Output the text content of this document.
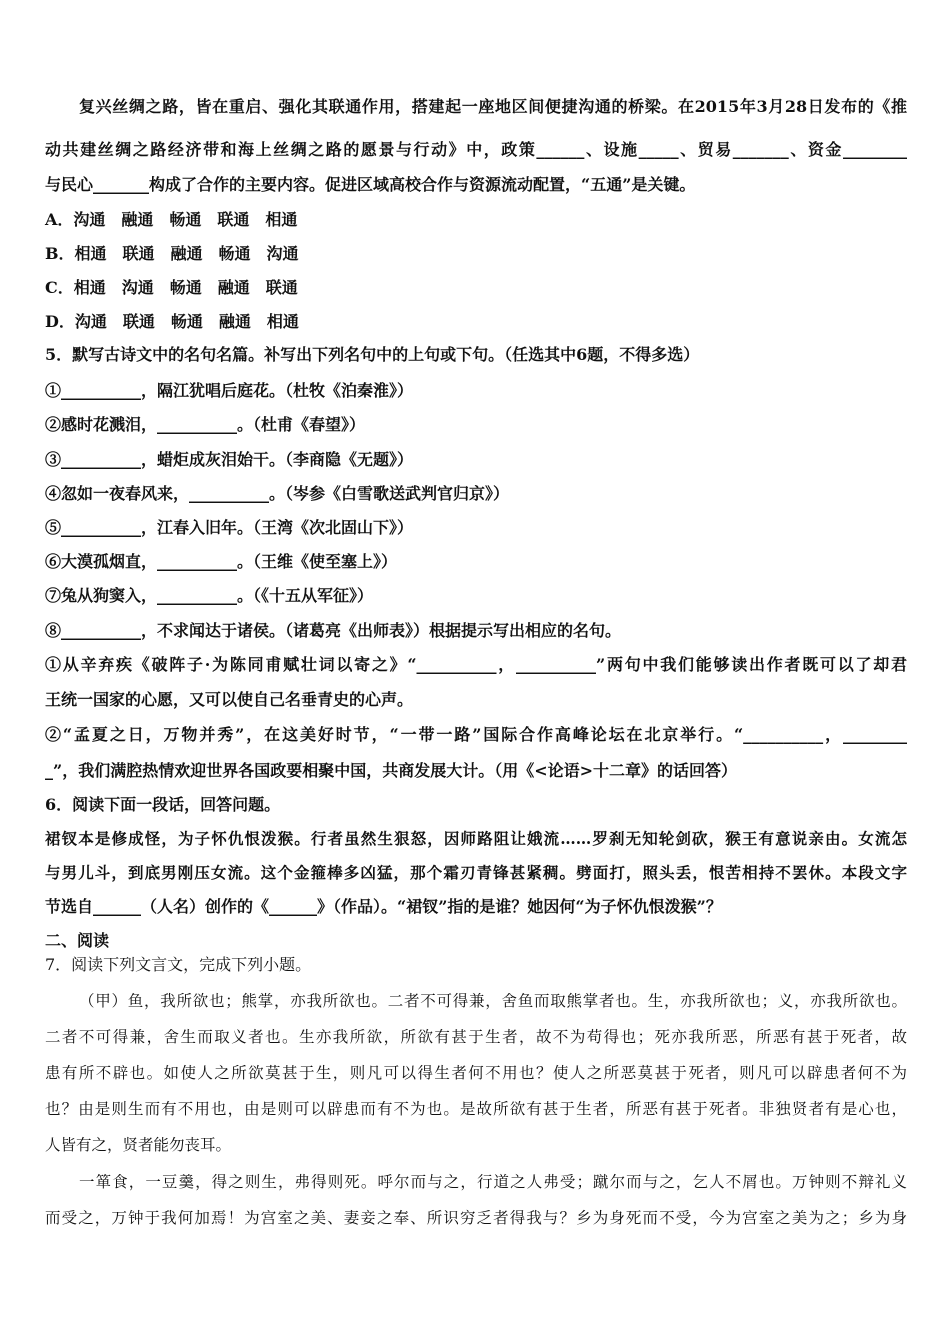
复兴丝绸之路，皆在重启、强化其联通作用，搭建起一座地区间便捷沟通的桥梁。在2015年3月28日发布的《推
动共建丝绸之路经济带和海上丝绸之路的愿景与行动》中，政策______、设施_____、贸易_______、资金________
与民心_______构成了合作的主要内容。促进区域高校合作与资源流动配置，“五通”是关键。
A．沟通　融通　畅通　联通　相通
B．相通　联通　融通　畅通　沟通
C．相通　沟通　畅通　融通　联通
D．沟通　联通　畅通　融通　相通
5．默写古诗文中的名句名篇。补写出下列名句中的上句或下句。（任选其中6题，不得多选）
①__________，隔江犹唱后庭花。（杜牧《泊秦淮》）
②感时花溅泪，__________。（杜甫《春望》）
③__________，蜡炬成灰泪始干。（李商隐《无题》）
④忽如一夜春风来，__________。（岑参《白雪歌送武判官归京》）
⑤__________，江春入旧年。（王湾《次北固山下》）
⑥大漠孤烟直，__________。（王维《使至塞上》）
⑦兔从狗窦入，__________。（《十五从军征》）
⑧__________，不求闻达于诸侯。（诸葛亮《出师表》）根据提示写出相应的名句。
①从辛弃疾《破阵子·为陈同甫赋壮词以寄之》“__________，__________”两句中我们能够读出作者既可以了却君
王统一国家的心愿，又可以使自己名垂青史的心声。
②“孟夏之日，万物并秀”，在这美好时节，“一带一路”国际合作高峰论坛在北京举行。“__________，________
_”，我们满腔热情欢迎世界各国政要相聚中国，共商发展大计。（用《<论语>十二章》的话回答）
6．阅读下面一段话，回答问题。
裙钗本是修成怪，为子怀仇恨泼猴。行者虽然生狠怒，因师路阻让娥流……罗刹无知轮剑砍，猴王有意说亲由。女流怎
与男儿斗，到底男刚压女流。这个金箍棒多凶猛，那个霜刃青锋甚紧稠。劈面打，照头丢，恨苦相持不罢休。本段文字
节选自______（人名）创作的《______》（作品）。“裙钗”指的是谁？她因何“为子怀仇恨泼猴”？
二、阅读
7．阅读下列文言文，完成下列小题。
（甲）鱼，我所欲也；熊掌，亦我所欲也。二者不可得兼，舍鱼而取熊掌者也。生，亦我所欲也；义，亦我所欲也。
二者不可得兼，舍生而取义者也。生亦我所欲，所欲有甚于生者，故不为苟得也；死亦我所恶，所恶有甚于死者，故
患有所不辟也。如使人之所欲莫甚于生，则凡可以得生者何不用也？使人之所恶莫甚于死者，则凡可以辟患者何不为
也？由是则生而有不用也，由是则可以辟患而有不为也。是故所欲有甚于生者，所恶有甚于死者。非独贤者有是心也，
人皆有之，贤者能勿丧耳。
一箪食，一豆羹，得之则生，弗得则死。呼尔而与之，行道之人弗受；蹴尔而与之，乞人不屑也。万钟则不辩礼义
而受之，万钟于我何加焉！为宫室之美、妻妾之奉、所识穷乏者得我与？乡为身死而不受，今为宫室之美为之；乡为身
